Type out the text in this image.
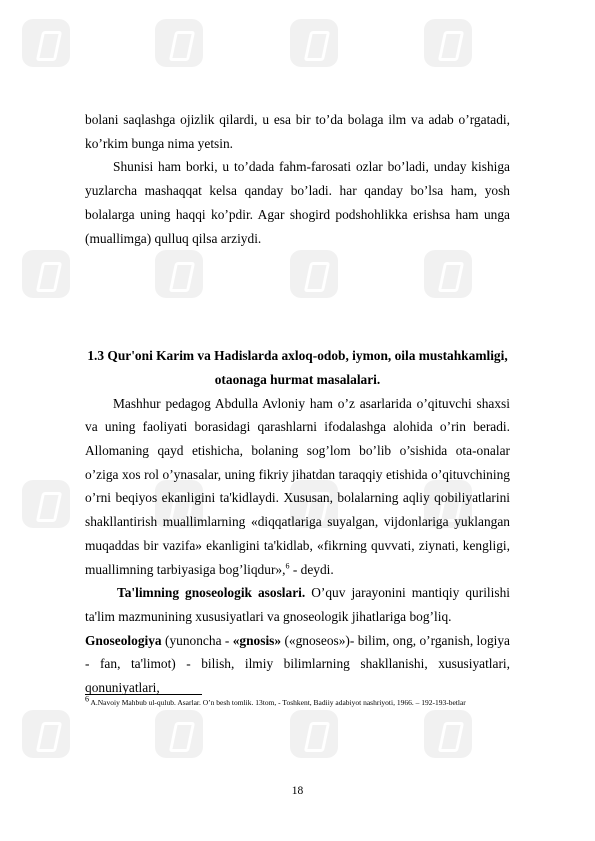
bolani saqlashga ojizlik qilardi, u esa bir to’da bolaga ilm va adab o’rgatadi, ko’rkim bunga nima yetsin.

Shunisi ham borki, u to’dada fahm-farosati ozlar bo’ladi, unday kishiga yuzlarcha mashaqqat kelsa qanday bo’ladi. har qanday bo’lsa ham, yosh bolalarga uning haqqi ko’pdir. Agar shogird podshohlikka erishsa ham unga (muallimga) qulluq qilsa arziydi.

1.3 Qur'oni Karim va Hadislarda axloq-odob, iymon, oila mustahkamligi,

otaonaga hurmat masalalari.

Mashhur pedagog Abdulla Avloniy ham o’z asarlarida o’qituvchi shaxsi va uning faoliyati borasidagi qarashlarni ifodalashga alohida o’rin beradi. Allomaning qayd etishicha, bolaning sog’lom bo’lib o’sishida ota-onalar o’ziga xos rol o’ynasalar, uning fikriy jihatdan taraqqiy etishida o’qituvchining o’rni beqiyos ekanligini ta'kidlaydi. Xususan, bolalarning aqliy qobiliyatlarini shakllantirish muallimlarning «diqqatlariga suyalgan, vijdonlariga yuklangan muqaddas bir vazifa» ekanligini ta'kidlab, «fikrning quvvati, ziynati, kengligi, muallimning tarbiyasiga bog’liqdur»,$^6$ - deydi.

Ta'limning gnoseologik asoslari. O’quv jarayonini mantiqiy qurilishi ta'lim mazmunining xususiyatlari va gnoseologik jihatlariga bog’liq.

Gnoseologiya (yunoncha - «gnosis» («gnoseos»)- bilim, ong, o’rganish, logiya - fan, ta'limot) - bilish, ilmiy bilimlarning shakllanishi, xususiyatlari, qonuniyatlari,

6 A.Navoiy Mahbub ul-qulub. Asarlar. O’n besh tomlik. 13tom, - Toshkent, Badiiy adabiyot nashriyoti, 1966. – 192-193-betlar
18
